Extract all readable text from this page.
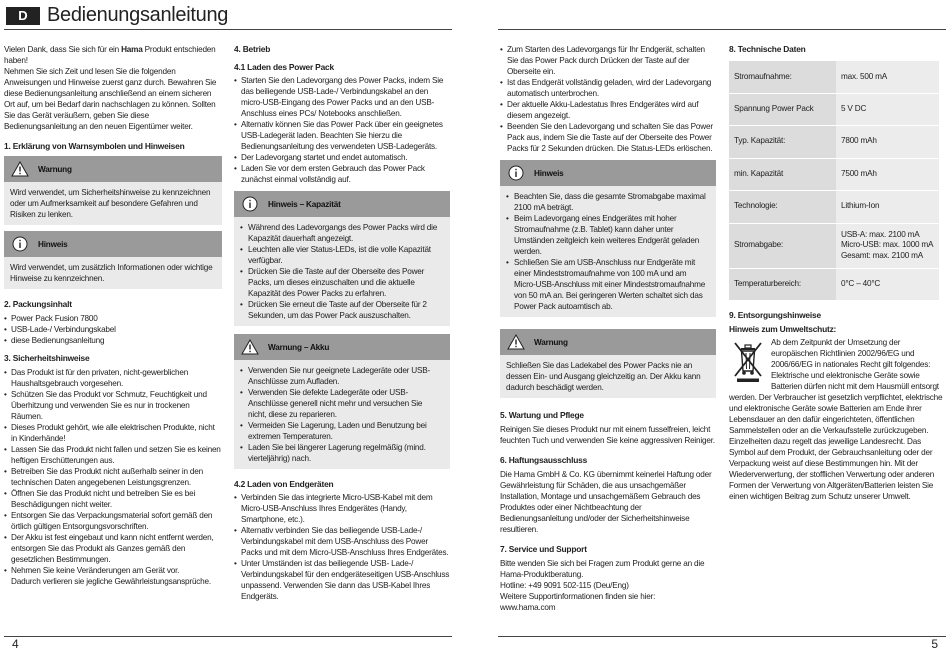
D Bedienungsanleitung

Vielen Dank, dass Sie sich für ein Hama Produkt entschieden haben!
Nehmen Sie sich Zeit und lesen Sie die folgenden Anweisungen und Hinweise zuerst ganz durch. Bewahren Sie diese Bedienungsanleitung anschließend an einem sicheren Ort auf, um bei Bedarf darin nachschlagen zu können. Sollten Sie das Gerät veräußern, geben Sie diese Bedienungsanleitung an den neuen Eigentümer weiter.

1. Erklärung von Warnsymbolen und Hinweisen
Warnung
Wird verwendet, um Sicherheitshinweise zu kennzeichnen oder um Aufmerksamkeit auf besondere Gefahren und Risiken zu lenken.
Hinweis
Wird verwendet, um zusätzlich Informationen oder wichtige Hinweise zu kennzeichnen.
2. Packungsinhalt
• Power Pack Fusion 7800
• USB-Lade-/ Verbindungskabel
• diese Bedienungsanleitung
3. Sicherheitshinweise
• Das Produkt ist für den privaten, nicht-gewerblichen Haushaltsgebrauch vorgesehen.
• Schützen Sie das Produkt vor Schmutz, Feuchtigkeit und Überhitzung und verwenden Sie es nur in trockenen Räumen.
• Dieses Produkt gehört, wie alle elektrischen Produkte, nicht in Kinderhände!
• Lassen Sie das Produkt nicht fallen und setzen Sie es keinen heftigen Erschütterungen aus.
• Betreiben Sie das Produkt nicht außerhalb seiner in den technischen Daten angegebenen Leistungsgrenzen.
• Öffnen Sie das Produkt nicht und betreiben Sie es bei Beschädigungen nicht weiter.
• Entsorgen Sie das Verpackungsmaterial sofort gemäß den örtlich gültigen Entsorgungsvorschriften.
• Der Akku ist fest eingebaut und kann nicht entfernt werden, entsorgen Sie das Produkt als Ganzes gemäß den gesetzlichen Bestimmungen.
• Nehmen Sie keine Veränderungen am Gerät vor.

Dadurch verlieren sie jegliche Gewährleistungsansprüche.

4. Betrieb
4.1 Laden des Power Pack
• Starten Sie den Ladevorgang des Power Packs, indem Sie das beiliegende USB-Lade-/ Verbindungskabel an den micro-USB-Eingang des Power Packs und an den USB-Anschluss eines PCs/ Notebooks anschließen.
• Alternativ können Sie das Power Pack über ein geeignetes USB-Ladegerät laden. Beachten Sie hierzu die Bedienungsanleitung des verwendeten USB-Ladegeräts.
• Der Ladevorgang startet und endet automatisch.
• Laden Sie vor dem ersten Gebrauch das Power Pack zunächst einmal vollständig auf.
Hinweis – Kapazität
• Während des Ladevorgangs des Power Packs wird die Kapazität dauerhaft angezeigt.
• Leuchten alle vier Status-LEDs, ist die volle Kapazität verfügbar.
• Drücken Sie die Taste auf der Oberseite des Power Packs, um dieses einzuschalten und die aktuelle Kapazität des Power Packs zu erfahren.
• Drücken Sie erneut die Taste auf der Oberseite für 2 Sekunden, um das Power Pack auszuschalten.
Warnung – Akku
• Verwenden Sie nur geeignete Ladegeräte oder USB-Anschlüsse zum Aufladen.
• Verwenden Sie defekte Ladegeräte oder USB-Anschlüsse generell nicht mehr und versuchen Sie nicht, diese zu reparieren.
• Vermeiden Sie Lagerung, Laden und Benutzung bei extremen Temperaturen.
• Laden Sie bei längerer Lagerung regelmäßig (mind. vierteljährig) nach.
4.2 Laden von Endgeräten
• Verbinden Sie das integrierte Micro-USB-Kabel mit dem Micro-USB-Anschluss Ihres Endgerätes (Handy, Smartphone, etc.).
• Alternativ verbinden Sie das beiliegende USB-Lade-/ Verbindungskabel mit dem USB-Anschluss des Power Packs und mit dem Micro-USB-Anschluss Ihres Endgerätes.
• Unter Umständen ist das beiliegende USB- Lade-/ Verbindungskabel für den endgeräteseitigen USB-Anschluss unpassend. Verwenden Sie dann das USB-Kabel Ihres Endgeräts.
4
• Zum Starten des Ladevorgangs für Ihr Endgerät, schalten Sie das Power Pack durch Drücken der Taste auf der Oberseite ein.
• Ist das Endgerät vollständig geladen, wird der Ladevorgang automatisch unterbrochen.
• Der aktuelle Akku-Ladestatus Ihres Endgerätes wird auf diesem angezeigt.
• Beenden Sie den Ladevorgang und schalten Sie das Power Pack aus, indem Sie die Taste auf der Oberseite des Power Packs für 2 Sekunden drücken. Die Status-LEDs erlöschen.
Hinweis
• Beachten Sie, dass die gesamte Stromabgabe maximal 2100 mA beträgt.
• Beim Ladevorgang eines Endgerätes mit hoher Stromaufnahme (z.B. Tablet) kann daher unter Umständen zeitgleich kein weiteres Endgerät geladen werden.
• Schließen Sie am USB-Anschluss nur Endgeräte mit einer Mindeststromaufnahme von 100 mA und am Micro-USB-Anschluss mit einer Mindeststromaufnahme von 50 mA an. Bei geringeren Werten schaltet sich das Power Pack autoamtisch ab.
Warnung
Schließen Sie das Ladekabel des Power Packs nie an dessen Ein- und Ausgang gleichzeitig an. Der Akku kann dadurch beschädigt werden.
5. Wartung und Pflege

Reinigen Sie dieses Produkt nur mit einem fusselfreien, leicht feuchten Tuch und verwenden Sie keine aggressiven Reiniger.

6. Haftungsausschluss

Die Hama GmbH & Co. KG übernimmt keinerlei Haftung oder Gewährleistung für Schäden, die aus unsachgemäßer Installation, Montage und unsachgemäßem Gebrauch des Produktes oder einer Nichtbeachtung der Bedienungsanleitung und/oder der Sicherheitshinweise resultieren.

7. Service und Support

Bitte wenden Sie sich bei Fragen zum Produkt gerne an die Hama-Produktberatung.

Hotline: +49 9091 502-115 (Deu/Eng)

Weitere Supportinformationen finden sie hier:

www.hama.com

8. Technische Daten
Stromaufnahme:	max. 500 mA
Spannung Power Pack	5 V DC
Typ. Kapazität:	7800 mAh
min. Kapazität	7500 mAh
Technologie:	Lithium-Ion
Stromabgabe:	USB-A: max. 2100 mA
Micro-USB: max. 1000 mA
Gesamt: max. 2100 mA
Temperaturbereich:	0°C – 40°C
9. Entsorgungshinweise
Hinweis zum Umweltschutz:

Ab dem Zeitpunkt der Umsetzung der europäischen Richtlinien 2002/96/EG und 2006/66/EG in nationales Recht gilt folgendes: Elektrische und elektronische Geräte sowie Batterien dürfen nicht mit dem Hausmüll entsorgt werden. Der Verbraucher ist gesetzlich verpflichtet, elektrische und elektronische Geräte sowie Batterien am Ende ihrer Lebensdauer an den dafür eingerichteten, öffentlichen Sammelstellen oder an die Verkaufsstelle zurückzugeben. Einzelheiten dazu regelt das jeweilige Landesrecht. Das Symbol auf dem Produkt, der Gebrauchsanleitung oder der Verpackung weist auf diese Bestimmungen hin. Mit der Wiederverwertung, der stofflichen Verwertung oder anderen Formen der Verwertung von Altgeräten/Batterien leisten Sie einen wichtigen Beitrag zum Schutz unserer Umwelt.

5
